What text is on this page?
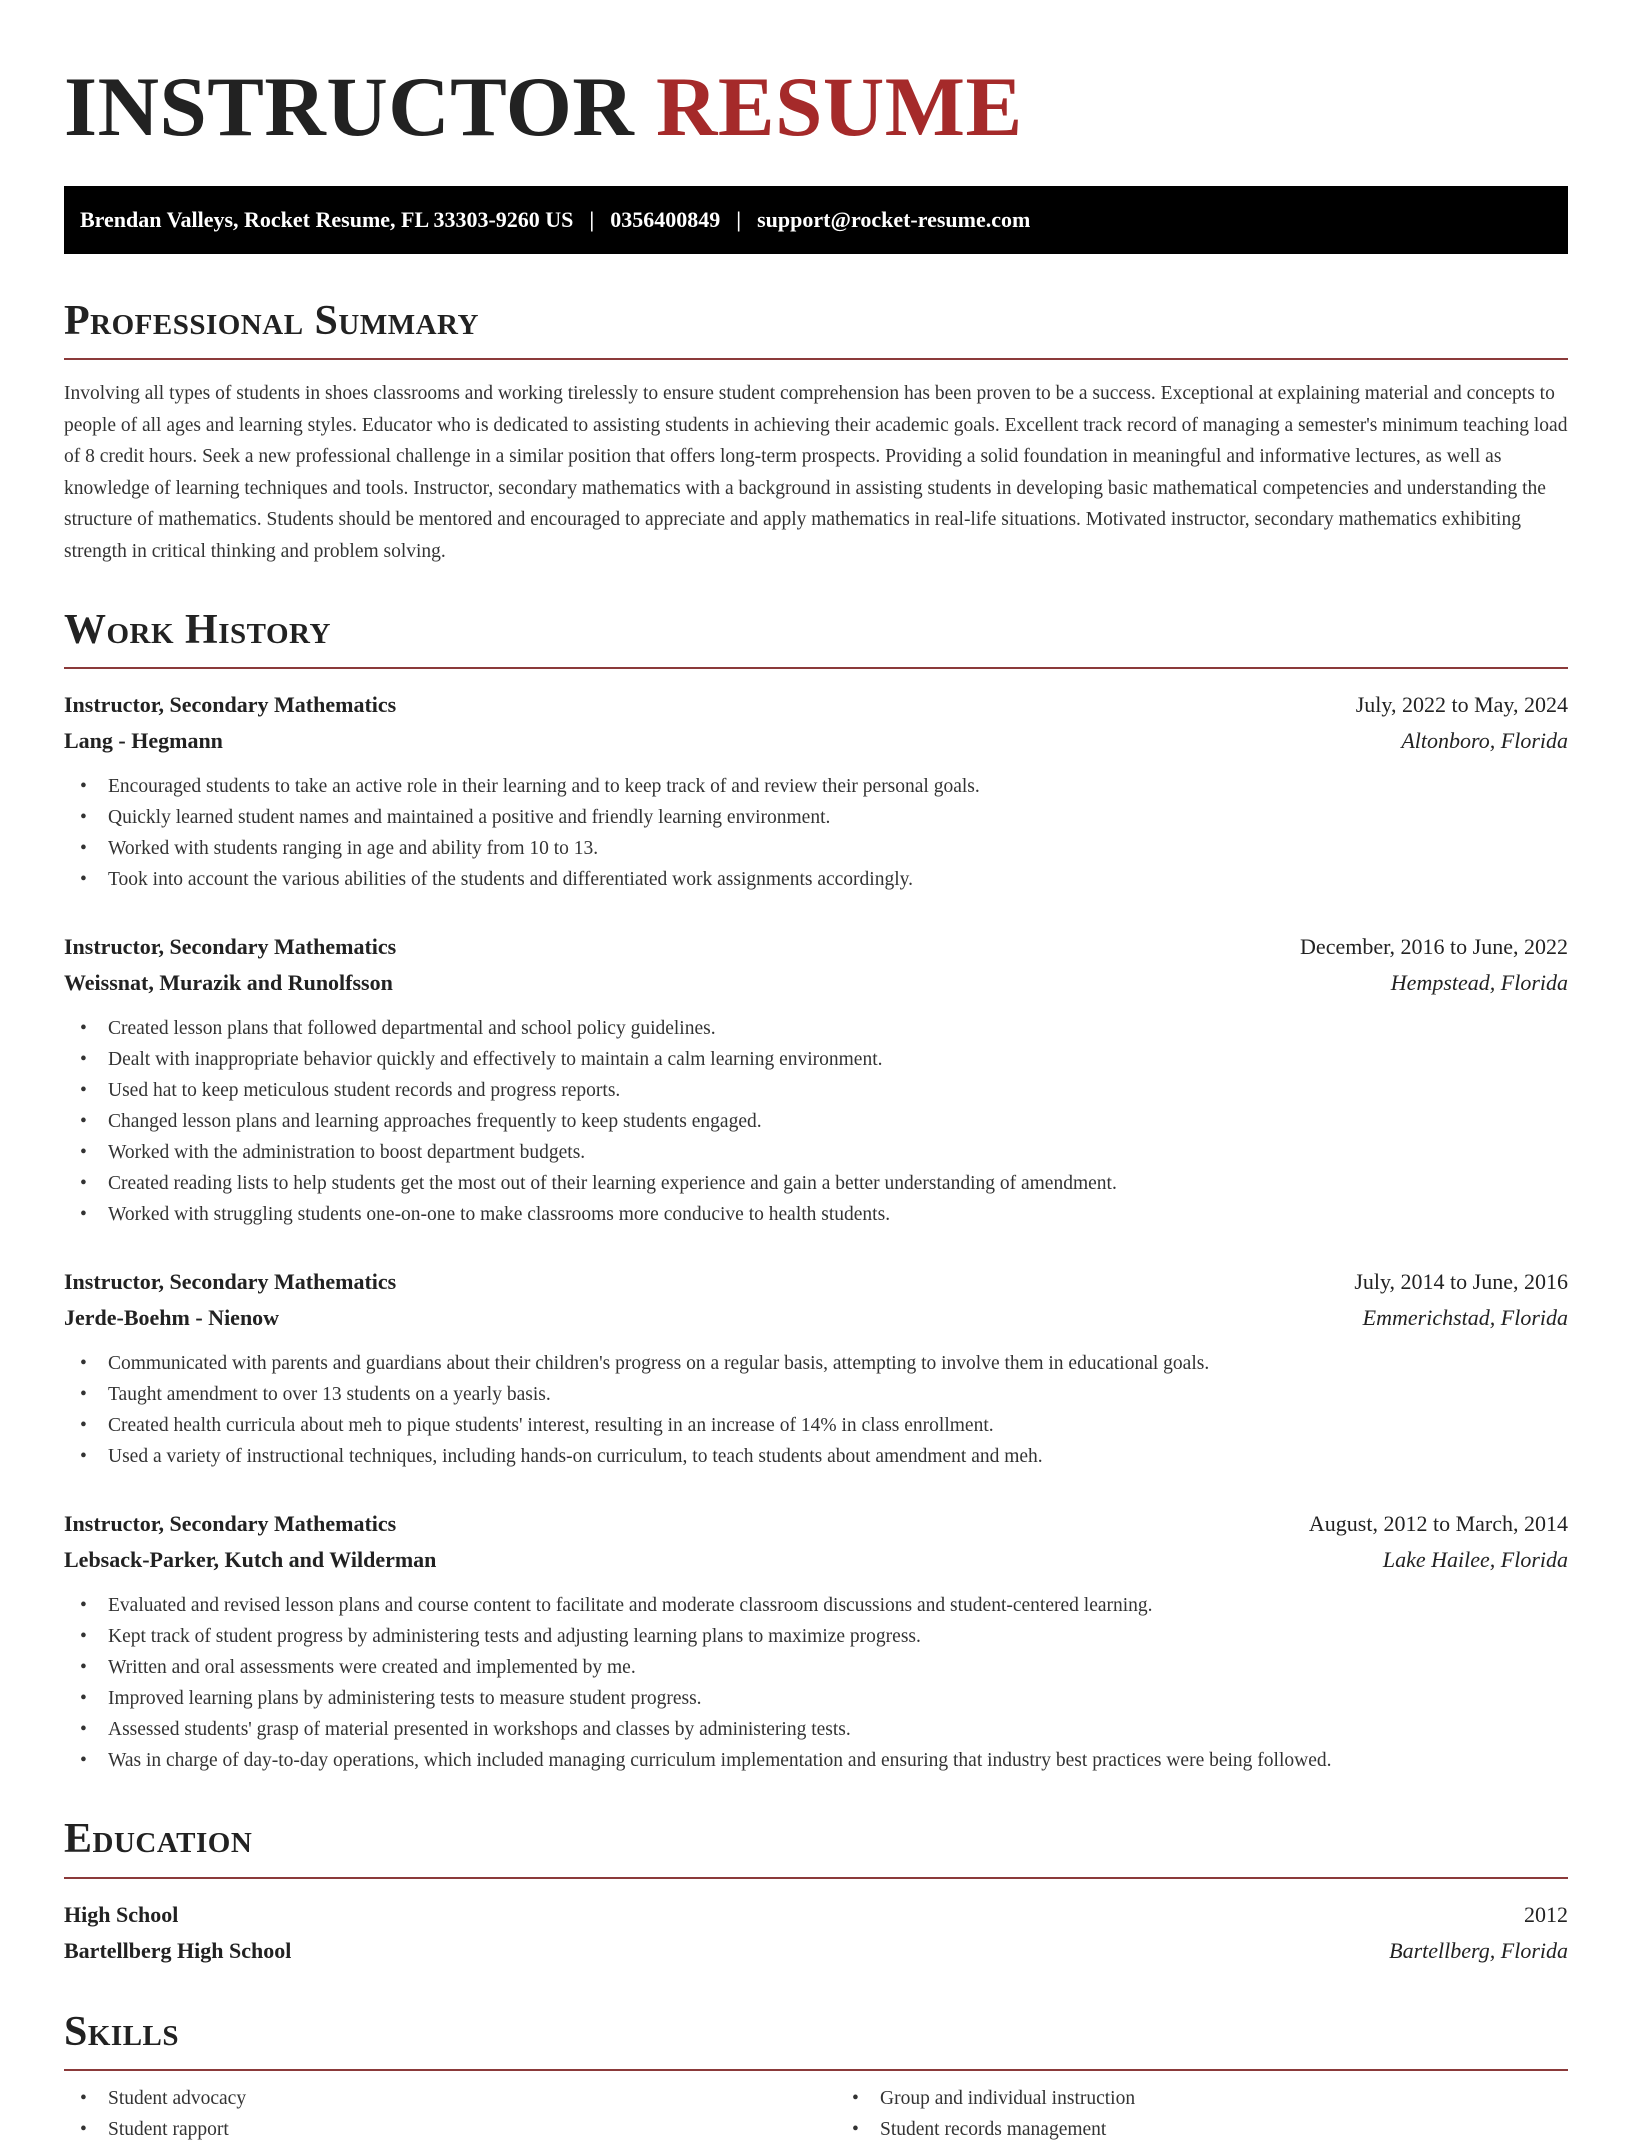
INSTRUCTOR RESUME
Brendan Valleys, Rocket Resume, FL 33303-9260 US | 0356400849 | support@rocket-resume.com
Professional Summary

Involving all types of students in shoes classrooms and working tirelessly to ensure student comprehension has been proven to be a success. Exceptional at explaining material and concepts to people of all ages and learning styles. Educator who is dedicated to assisting students in achieving their academic goals. Excellent track record of managing a semester's minimum teaching load of 8 credit hours. Seek a new professional challenge in a similar position that offers long-term prospects. Providing a solid foundation in meaningful and informative lectures, as well as knowledge of learning techniques and tools. Instructor, secondary mathematics with a background in assisting students in developing basic mathematical competencies and understanding the structure of mathematics. Students should be mentored and encouraged to appreciate and apply mathematics in real-life situations. Motivated instructor, secondary mathematics exhibiting strength in critical thinking and problem solving.

Work History
Instructor, Secondary Mathematics	July, 2022 to May, 2024
Lang - Hegmann	Altonboro, Florida
• Encouraged students to take an active role in their learning and to keep track of and review their personal goals.
• Quickly learned student names and maintained a positive and friendly learning environment.
• Worked with students ranging in age and ability from 10 to 13.
• Took into account the various abilities of the students and differentiated work assignments accordingly.
Instructor, Secondary Mathematics	December, 2016 to June, 2022
Weissnat, Murazik and Runolfsson	Hempstead, Florida
• Created lesson plans that followed departmental and school policy guidelines.
• Dealt with inappropriate behavior quickly and effectively to maintain a calm learning environment.
• Used hat to keep meticulous student records and progress reports.
• Changed lesson plans and learning approaches frequently to keep students engaged.
• Worked with the administration to boost department budgets.
• Created reading lists to help students get the most out of their learning experience and gain a better understanding of amendment.
• Worked with struggling students one-on-one to make classrooms more conducive to health students.
Instructor, Secondary Mathematics	July, 2014 to June, 2016
Jerde-Boehm - Nienow	Emmerichstad, Florida
• Communicated with parents and guardians about their children's progress on a regular basis, attempting to involve them in educational goals.
• Taught amendment to over 13 students on a yearly basis.
• Created health curricula about meh to pique students' interest, resulting in an increase of 14% in class enrollment.
• Used a variety of instructional techniques, including hands-on curriculum, to teach students about amendment and meh.
Instructor, Secondary Mathematics	August, 2012 to March, 2014
Lebsack-Parker, Kutch and Wilderman	Lake Hailee, Florida
• Evaluated and revised lesson plans and course content to facilitate and moderate classroom discussions and student-centered learning.
• Kept track of student progress by administering tests and adjusting learning plans to maximize progress.
• Written and oral assessments were created and implemented by me.
• Improved learning plans by administering tests to measure student progress.
• Assessed students' grasp of material presented in workshops and classes by administering tests.
• Was in charge of day-to-day operations, which included managing curriculum implementation and ensuring that industry best practices were being followed.
Education
High School	2012
Bartellberg High School	Bartellberg, Florida
Skills
• Student advocacy
• Student rapport
• Group and individual instruction
• Student records management
